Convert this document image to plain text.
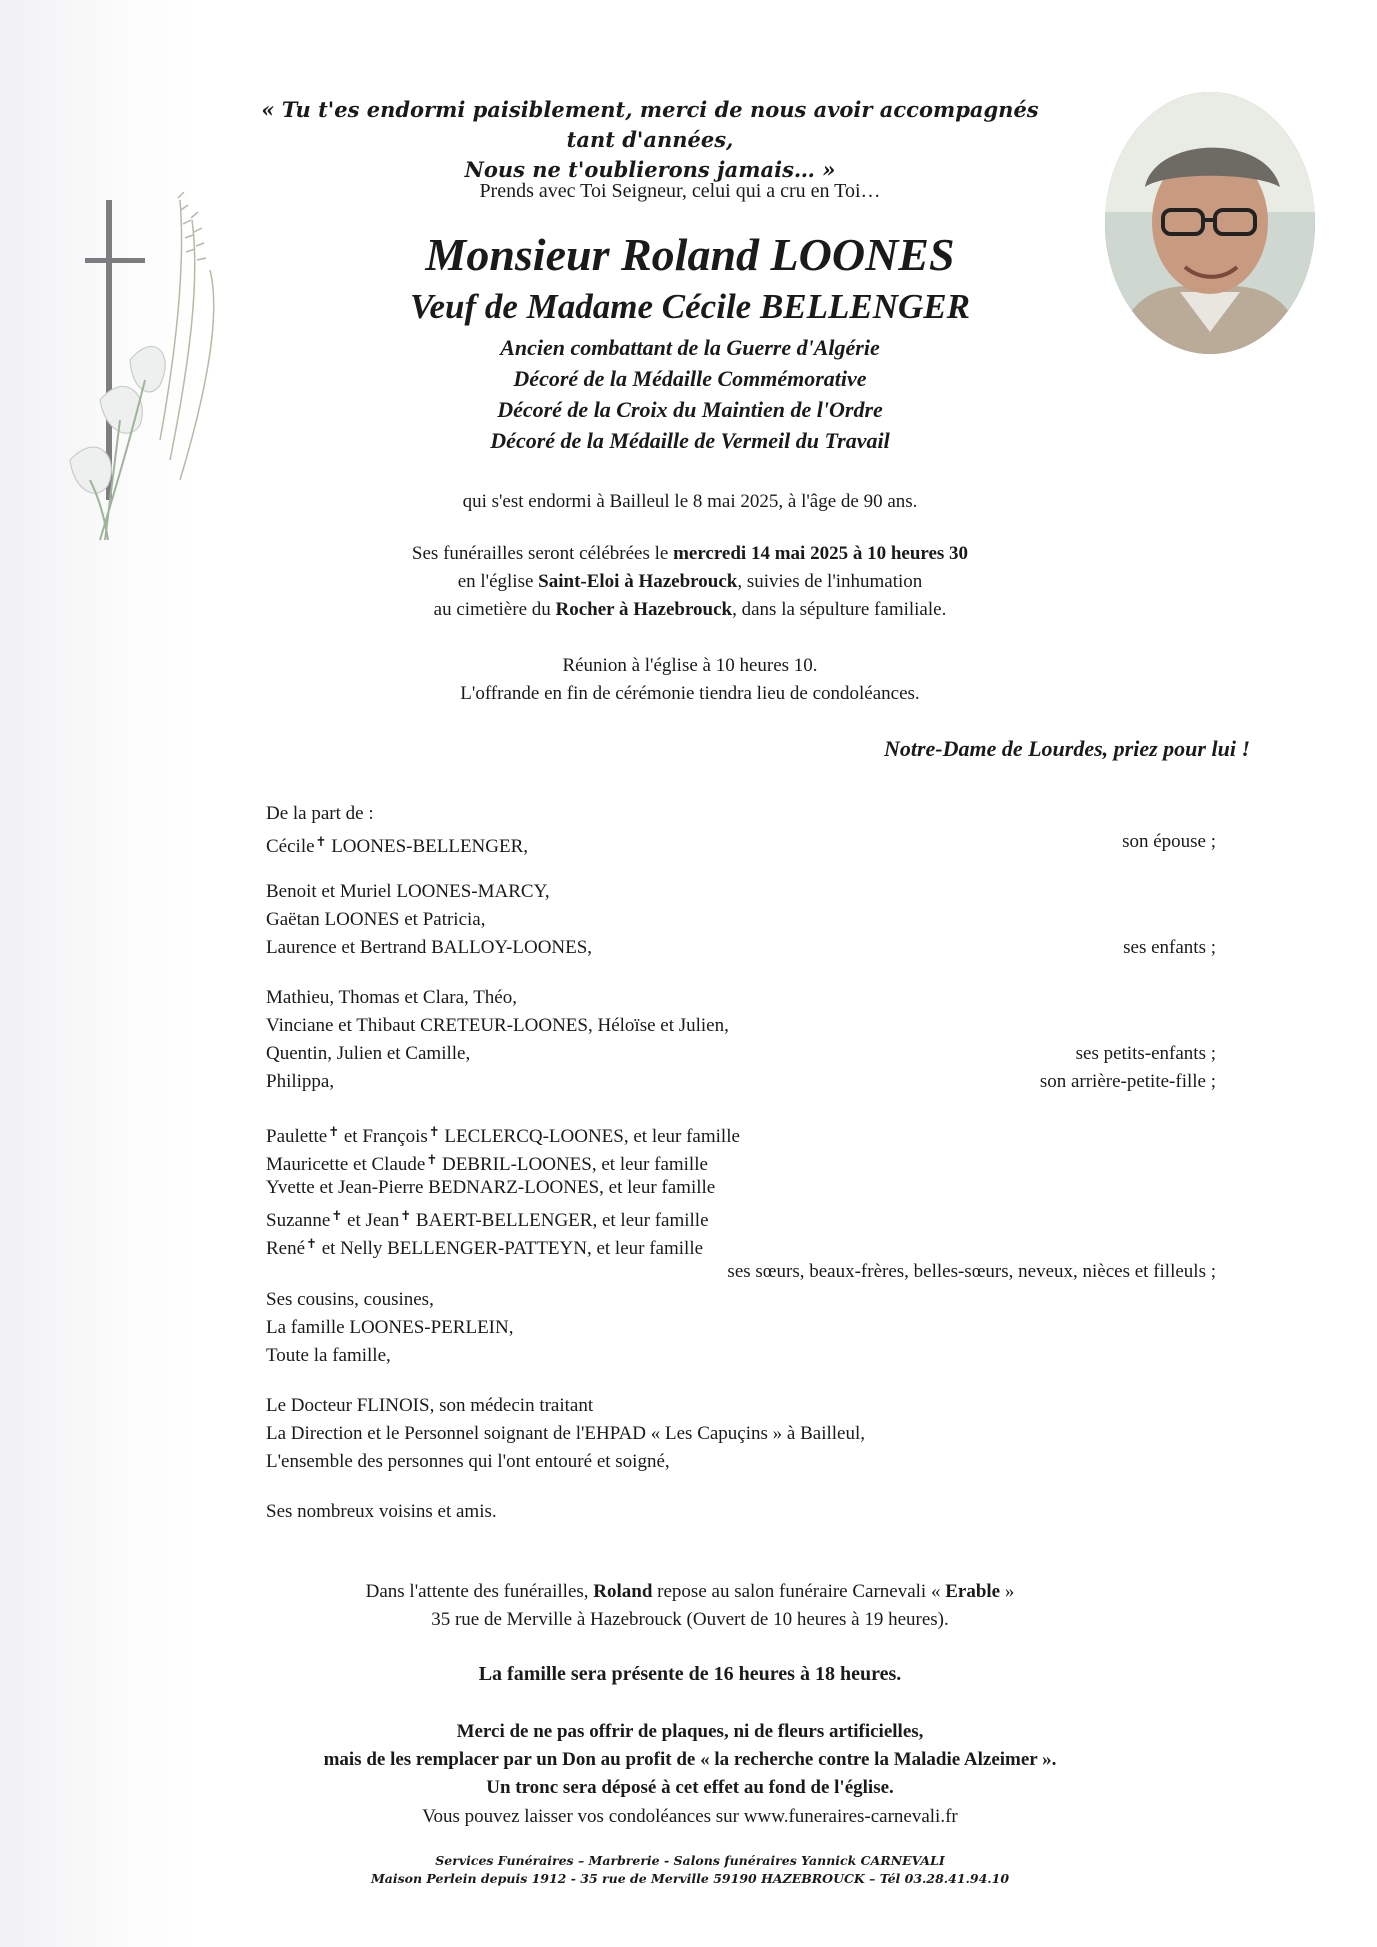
« Tu t'es endormi paisiblement, merci de nous avoir accompagnés tant d'années,
Nous ne t'oublierons jamais… »
Prends avec Toi Seigneur, celui qui a cru en Toi…
Monsieur Roland LOONES
Veuf de Madame Cécile BELLENGER
Ancien combattant de la Guerre d'Algérie
Décoré de la Médaille Commémorative
Décoré de la Croix du Maintien de l'Ordre
Décoré de la Médaille de Vermeil du Travail
qui s'est endormi à Bailleul le 8 mai 2025, à l'âge de 90 ans.
Ses funérailles seront célébrées le mercredi 14 mai 2025 à 10 heures 30
en l'église Saint-Eloi à Hazebrouck, suivies de l'inhumation
au cimetière du Rocher à Hazebrouck, dans la sépulture familiale.
Réunion à l'église à 10 heures 10.
L'offrande en fin de cérémonie tiendra lieu de condoléances.
Notre-Dame de Lourdes, priez pour lui !
De la part de :
Cécile✝ LOONES-BELLENGER,	son épouse ;
Benoit et Muriel LOONES-MARCY,
Gaëtan LOONES et Patricia,
Laurence et Bertrand BALLOY-LOONES,	ses enfants ;
Mathieu, Thomas et Clara, Théo,
Vinciane et Thibaut CRETEUR-LOONES, Héloïse et Julien,
Quentin, Julien et Camille,	ses petits-enfants ;
Philippa,	son arrière-petite-fille ;
Paulette✝ et François✝ LECLERCQ-LOONES, et leur famille
Mauricette et Claude✝ DEBRIL-LOONES, et leur famille
Yvette et Jean-Pierre BEDNARZ-LOONES, et leur famille
Suzanne✝ et Jean✝ BAERT-BELLENGER, et leur famille
René✝ et Nelly BELLENGER-PATTEYN, et leur famille
ses sœurs, beaux-frères, belles-sœurs, neveux, nièces et filleuls ;
Ses cousins, cousines,
La famille LOONES-PERLEIN,
Toute la famille,
Le Docteur FLINOIS, son médecin traitant
La Direction et le Personnel soignant de l'EHPAD « Les Capuçins » à Bailleul,
L'ensemble des personnes qui l'ont entouré et soigné,
Ses nombreux voisins et amis.
Dans l'attente des funérailles, Roland repose au salon funéraire Carnevali « Erable »
35 rue de Merville à Hazebrouck (Ouvert de 10 heures à 19 heures).
La famille sera présente de 16 heures à 18 heures.
Merci de ne pas offrir de plaques, ni de fleurs artificielles,
mais de les remplacer par un Don au profit de « la recherche contre la Maladie Alzeimer ».
Un tronc sera déposé à cet effet au fond de l'église.
Vous pouvez laisser vos condoléances sur www.funeraires-carnevali.fr
Services Funéraires – Marbrerie - Salons funéraires Yannick CARNEVALI
Maison Perlein depuis 1912 - 35 rue de Merville 59190 HAZEBROUCK – Tél 03.28.41.94.10
